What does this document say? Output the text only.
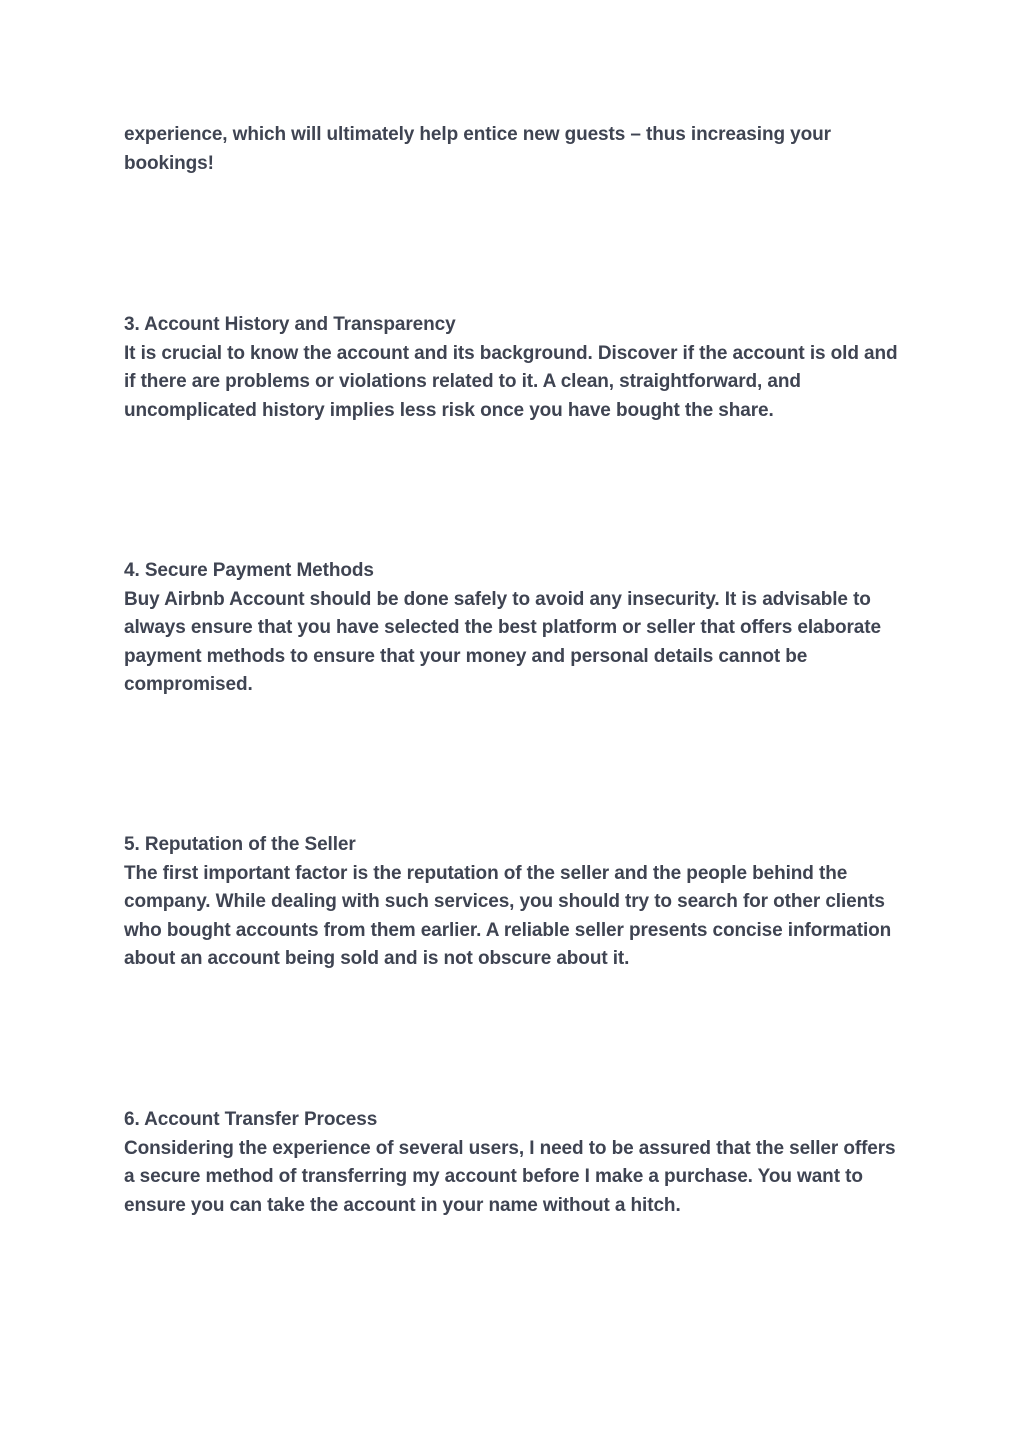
experience, which will ultimately help entice new guests – thus increasing your bookings!

3. Account History and Transparency

It is crucial to know the account and its background. Discover if the account is old and if there are problems or violations related to it. A clean, straightforward, and uncomplicated history implies less risk once you have bought the share.

4. Secure Payment Methods

Buy Airbnb Account should be done safely to avoid any insecurity. It is advisable to always ensure that you have selected the best platform or seller that offers elaborate payment methods to ensure that your money and personal details cannot be compromised.

5. Reputation of the Seller

The first important factor is the reputation of the seller and the people behind the company. While dealing with such services, you should try to search for other clients who bought accounts from them earlier. A reliable seller presents concise information about an account being sold and is not obscure about it.

6. Account Transfer Process

Considering the experience of several users, I need to be assured that the seller offers a secure method of transferring my account before I make a purchase. You want to ensure you can take the account in your name without a hitch.
